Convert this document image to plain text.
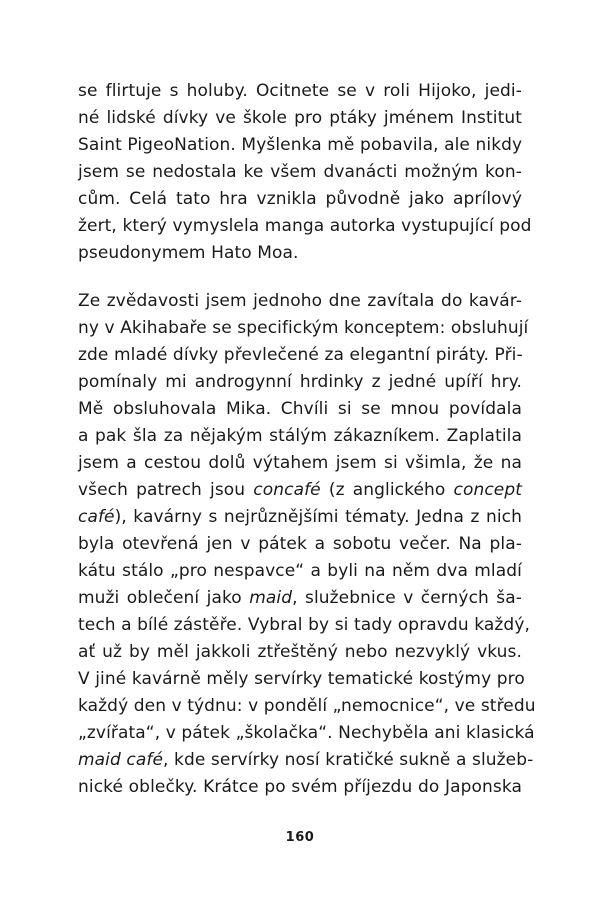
se flirtuje s holuby. Ocitnete se v roli Hijoko, jedi-
né lidské dívky ve škole pro ptáky jménem Institut
Saint PigeoNation. Myšlenka mě pobavila, ale nikdy
jsem se nedostala ke všem dvanácti možným kon-
cům. Celá tato hra vznikla původně jako aprílový
žert, který vymyslela manga autorka vystupující pod
pseudonymem Hato Moa.
Ze zvědavosti jsem jednoho dne zavítala do kavár-
ny v Akihabaře se specifickým konceptem: obsluhují
zde mladé dívky převlečené za elegantní piráty. Při-
pomínaly mi androgynní hrdinky z jedné upíří hry.
Mě obsluhovala Mika. Chvíli si se mnou povídala
a pak šla za nějakým stálým zákazníkem. Zaplatila
jsem a cestou dolů výtahem jsem si všimla, že na
všech patrech jsou concafé (z anglického concept
café), kavárny s nejrůznějšími tématy. Jedna z nich
byla otevřená jen v pátek a sobotu večer. Na pla-
kátu stálo „pro nespavce“ a byli na něm dva mladí
muži oblečení jako maid, služebnice v černých ša-
tech a bílé zástěře. Vybral by si tady opravdu každý,
ať už by měl jakkoli ztřeštěný nebo nezvyklý vkus.
V jiné kavárně měly servírky tematické kostýmy pro
každý den v týdnu: v pondělí „nemocnice“, ve středu
„zvířata“, v pátek „školačka“. Nechyběla ani klasická
maid café, kde servírky nosí kratičké sukně a služeb-
nické oblečky. Krátce po svém příjezdu do Japonska
160
